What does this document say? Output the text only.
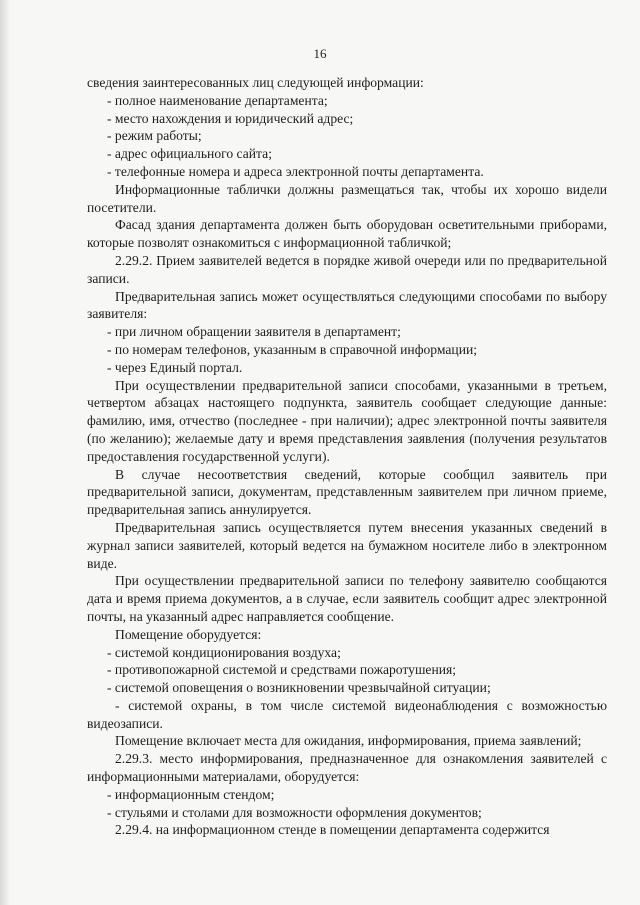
16

сведения заинтересованных лиц следующей информации:

- полное наименование департамента;

- место нахождения и юридический адрес;

- режим работы;

- адрес официального сайта;

- телефонные номера и адреса электронной почты департамента.

Информационные таблички должны размещаться так, чтобы их хорошо видели посетители.

Фасад здания департамента должен быть оборудован осветительными приборами, которые позволят ознакомиться с информационной табличкой;

2.29.2. Прием заявителей ведется в порядке живой очереди или по предварительной записи.

Предварительная запись может осуществляться следующими способами по выбору заявителя:

- при личном обращении заявителя в департамент;

- по номерам телефонов, указанным в справочной информации;

- через Единый портал.

При осуществлении предварительной записи способами, указанными в третьем, четвертом абзацах настоящего подпункта, заявитель сообщает следующие данные: фамилию, имя, отчество (последнее - при наличии); адрес электронной почты заявителя (по желанию); желаемые дату и время представления заявления (получения результатов предоставления государственной услуги).

В случае несоответствия сведений, которые сообщил заявитель при предварительной записи, документам, представленным заявителем при личном приеме, предварительная запись аннулируется.

Предварительная запись осуществляется путем внесения указанных сведений в журнал записи заявителей, который ведется на бумажном носителе либо в электронном виде.

При осуществлении предварительной записи по телефону заявителю сообщаются дата и время приема документов, а в случае, если заявитель сообщит адрес электронной почты, на указанный адрес направляется сообщение.

Помещение оборудуется:

- системой кондиционирования воздуха;

- противопожарной системой и средствами пожаротушения;

- системой оповещения о возникновении чрезвычайной ситуации;

- системой охраны, в том числе системой видеонаблюдения с возможностью видеозаписи.

Помещение включает места для ожидания, информирования, приема заявлений;

2.29.3. место информирования, предназначенное для ознакомления заявителей с информационными материалами, оборудуется:

- информационным стендом;

- стульями и столами для возможности оформления документов;

2.29.4. на информационном стенде в помещении департамента содержится
